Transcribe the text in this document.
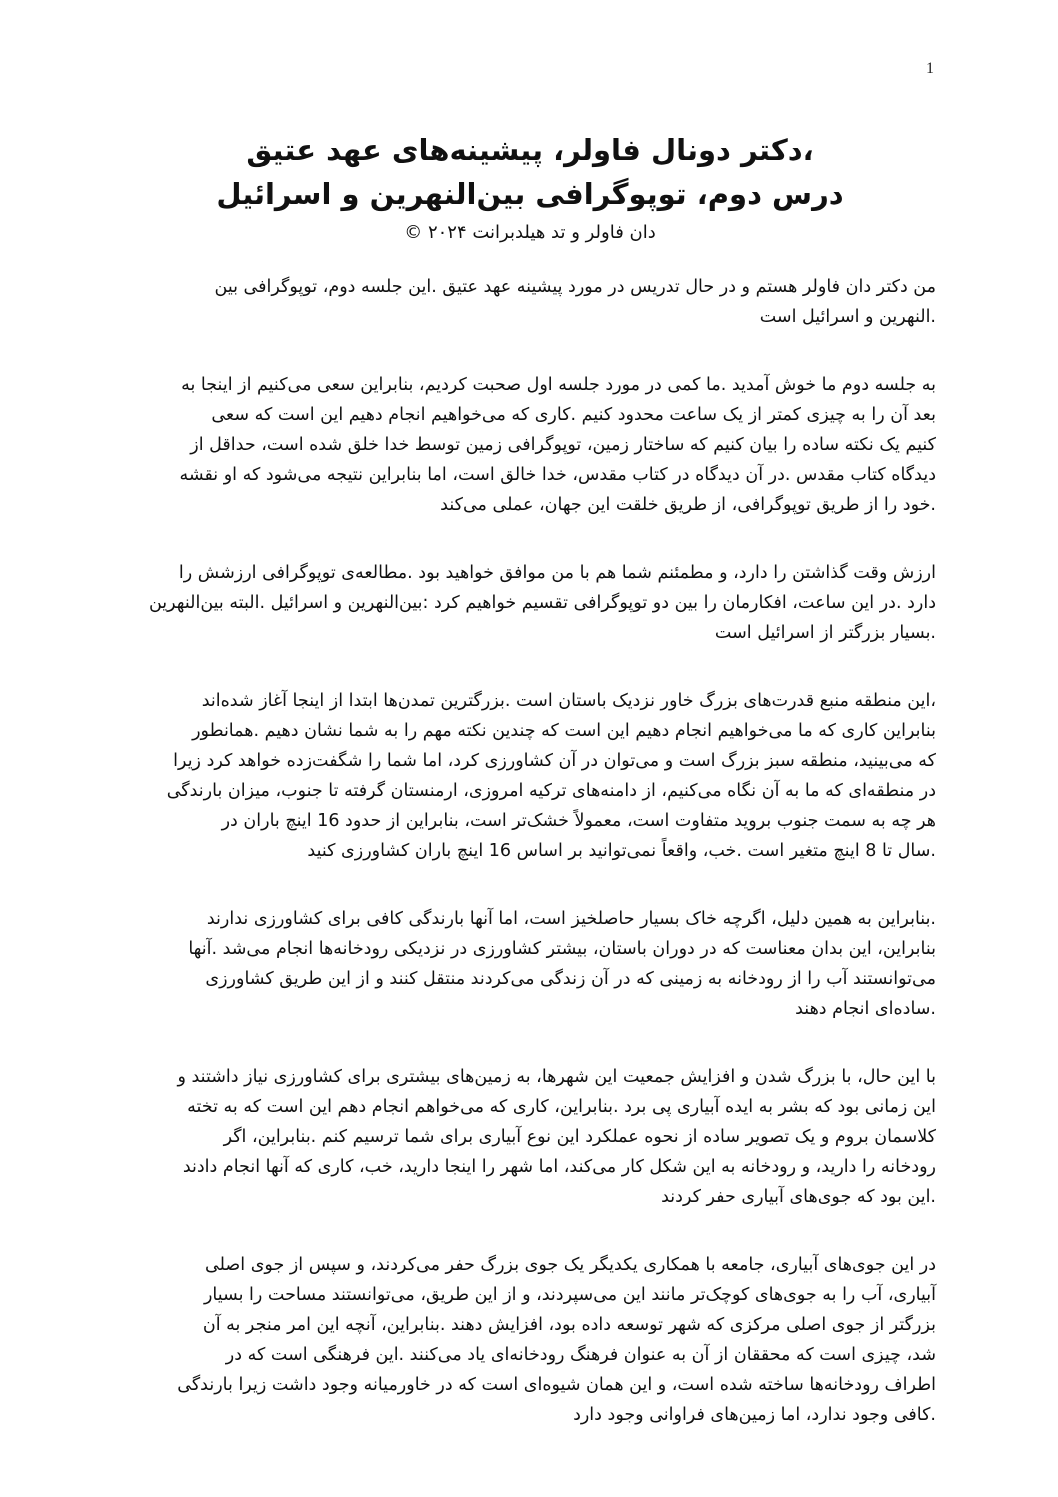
1
،دکتر دونال فاولر، پیشینه‌های عهد عتیق
درس دوم، توپوگرافی بین‌النهرین و اسرائیل
دان فاولر و تد هیلدبرانت ۲۰۲۴ ©

من دکتر دان فاولر هستم و در حال تدریس در مورد پیشینه عهد عتیق .این جلسه دوم، توپوگرافی بین
.النهرین و اسرائیل است

به جلسه دوم ما خوش آمدید .ما کمی در مورد جلسه اول صحبت کردیم، بنابراین سعی می‌کنیم از اینجا به
بعد آن را به چیزی کمتر از یک ساعت محدود کنیم .کاری که می‌خواهیم انجام دهیم این است که سعی
کنیم یک نکته ساده را بیان کنیم که ساختار زمین، توپوگرافی زمین توسط خدا خلق شده است، حداقل از
دیدگاه کتاب مقدس .در آن دیدگاه در کتاب مقدس، خدا خالق است، اما بنابراین نتیجه می‌شود که او نقشه
.خود را از طریق توپوگرافی، از طریق خلقت این جهان، عملی می‌کند

ارزش وقت گذاشتن را دارد، و مطمئنم شما هم با من موافق خواهید بود .مطالعه‌ی توپوگرافی ارزشش را
دارد .در این ساعت، افکارمان را بین دو توپوگرافی تقسیم خواهیم کرد :بین‌النهرین و اسرائیل .البته بین‌النهرین
.بسیار بزرگتر از اسرائیل است

،این منطقه منبع قدرت‌های بزرگ خاور نزدیک باستان است .بزرگترین تمدن‌ها ابتدا از اینجا آغاز شده‌اند
بنابراین کاری که ما می‌خواهیم انجام دهیم این است که چندین نکته مهم را به شما نشان دهیم .همانطور
که می‌بینید، منطقه سبز بزرگ است و می‌توان در آن کشاورزی کرد، اما شما را شگفت‌زده خواهد کرد زیرا
در منطقه‌ای که ما به آن نگاه می‌کنیم، از دامنه‌های ترکیه امروزی، ارمنستان گرفته تا جنوب، میزان بارندگی
هر چه به سمت جنوب بروید متفاوت است، معمولاً خشک‌تر است، بنابراین از حدود 16 اینچ باران در
.سال تا 8 اینچ متغیر است .خب، واقعاً نمی‌توانید بر اساس 16 اینچ باران کشاورزی کنید

.بنابراین به همین دلیل، اگرچه خاک بسیار حاصلخیز است، اما آنها بارندگی کافی برای کشاورزی ندارند
بنابراین، این بدان معناست که در دوران باستان، بیشتر کشاورزی در نزدیکی رودخانه‌ها انجام می‌شد .آنها
می‌توانستند آب را از رودخانه به زمینی که در آن زندگی می‌کردند منتقل کنند و از این طریق کشاورزی
.ساده‌ای انجام دهند

با این حال، با بزرگ شدن و افزایش جمعیت این شهرها، به زمین‌های بیشتری برای کشاورزی نیاز داشتند و
این زمانی بود که بشر به ایده آبیاری پی برد .بنابراین، کاری که می‌خواهم انجام دهم این است که به تخته
کلاسمان بروم و یک تصویر ساده از نحوه عملکرد این نوع آبیاری برای شما ترسیم کنم .بنابراین، اگر
رودخانه را دارید، و رودخانه به این شکل کار می‌کند، اما شهر را اینجا دارید، خب، کاری که آنها انجام دادند
.این بود که جوی‌های آبیاری حفر کردند

در این جوی‌های آبیاری، جامعه با همکاری یکدیگر یک جوی بزرگ حفر می‌کردند، و سپس از جوی اصلی
آبیاری، آب را به جوی‌های کوچک‌تر مانند این می‌سپردند، و از این طریق، می‌توانستند مساحت را بسیار
بزرگتر از جوی اصلی مرکزی که شهر توسعه داده بود، افزایش دهند .بنابراین، آنچه این امر منجر به آن
شد، چیزی است که محققان از آن به عنوان فرهنگ رودخانه‌ای یاد می‌کنند .این فرهنگی است که در
اطراف رودخانه‌ها ساخته شده است، و این همان شیوه‌ای است که در خاورمیانه وجود داشت زیرا بارندگی
.کافی وجود ندارد، اما زمین‌های فراوانی وجود دارد
